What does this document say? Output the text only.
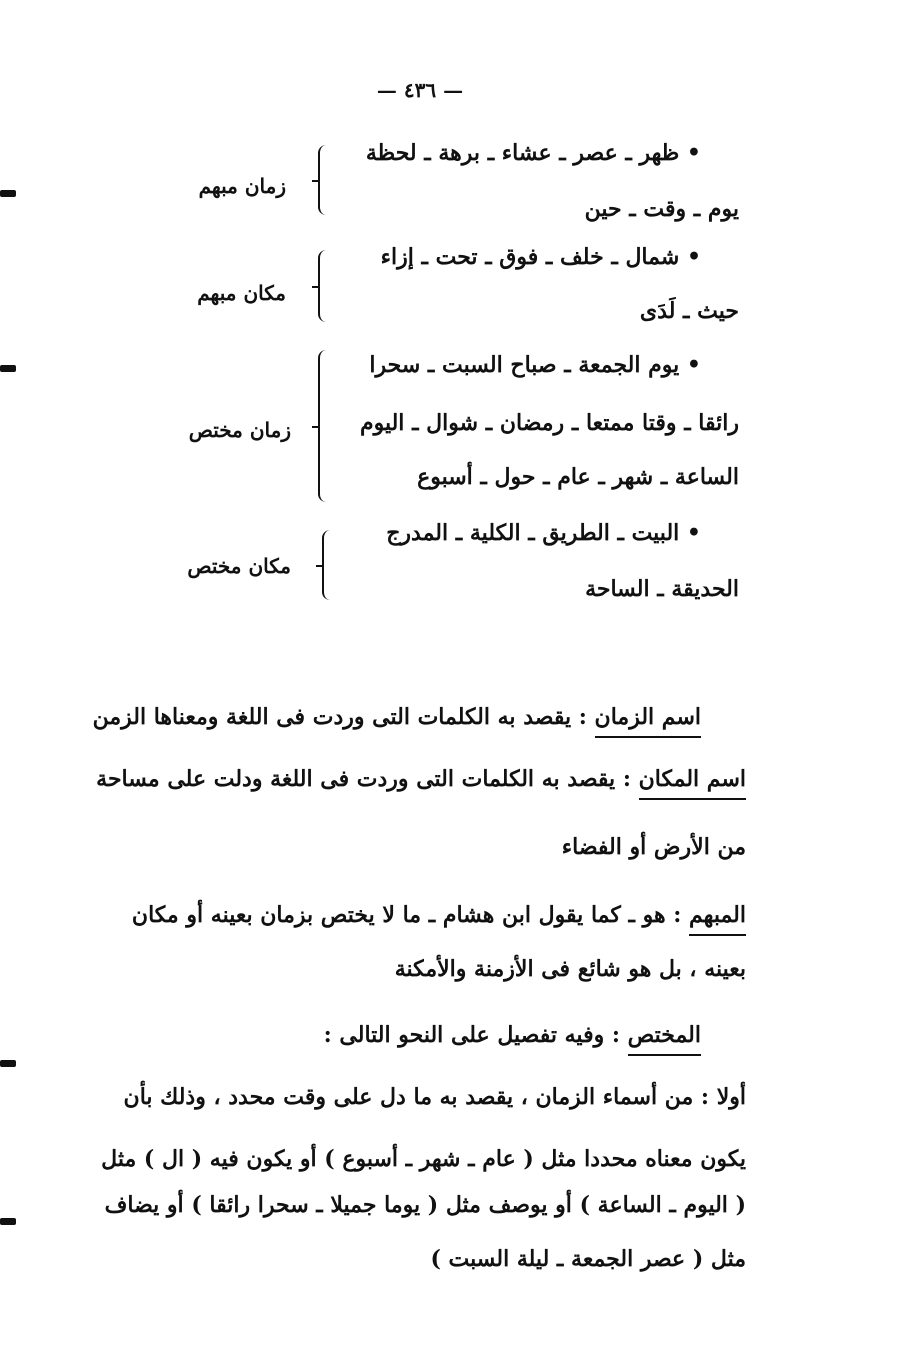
— ٤٣٦ —
• ظهر ـ عصر ـ عشاء ـ برهة ـ لحظة
يوم ـ وقت ـ حين
زمان مبهم
• شمال ـ خلف ـ فوق ـ تحت ـ إزاء
حيث ـ لَدَى
مكان مبهم
• يوم الجمعة ـ صباح السبت ـ سحرا
رائقا ـ وقتا ممتعا ـ رمضان ـ شوال ـ اليوم
الساعة ـ شهر ـ عام ـ حول ـ أسبوع
زمان مختص
• البيت ـ الطريق ـ الكلية ـ المدرج
الحديقة ـ الساحة
مكان مختص
اسم الزمان : يقصد به الكلمات التى وردت فى اللغة ومعناها الزمن
اسم المكان : يقصد به الكلمات التى وردت فى اللغة ودلت على مساحة
من الأرض أو الفضاء
المبهم : هو ـ كما يقول ابن هشام ـ ما لا يختص بزمان بعينه أو مكان
بعينه ، بل هو شائع فى الأزمنة والأمكنة
المختص : وفيه تفصيل على النحو التالى :
أولا : من أسماء الزمان ، يقصد به ما دل على وقت محدد ، وذلك بأن
يكون معناه محددا مثل ( عام ـ شهر ـ أسبوع ) أو يكون فيه ( ال ) مثل
( اليوم ـ الساعة ) أو يوصف مثل ( يوما جميلا ـ سحرا رائقا ) أو يضاف
مثل ( عصر الجمعة ـ ليلة السبت )
